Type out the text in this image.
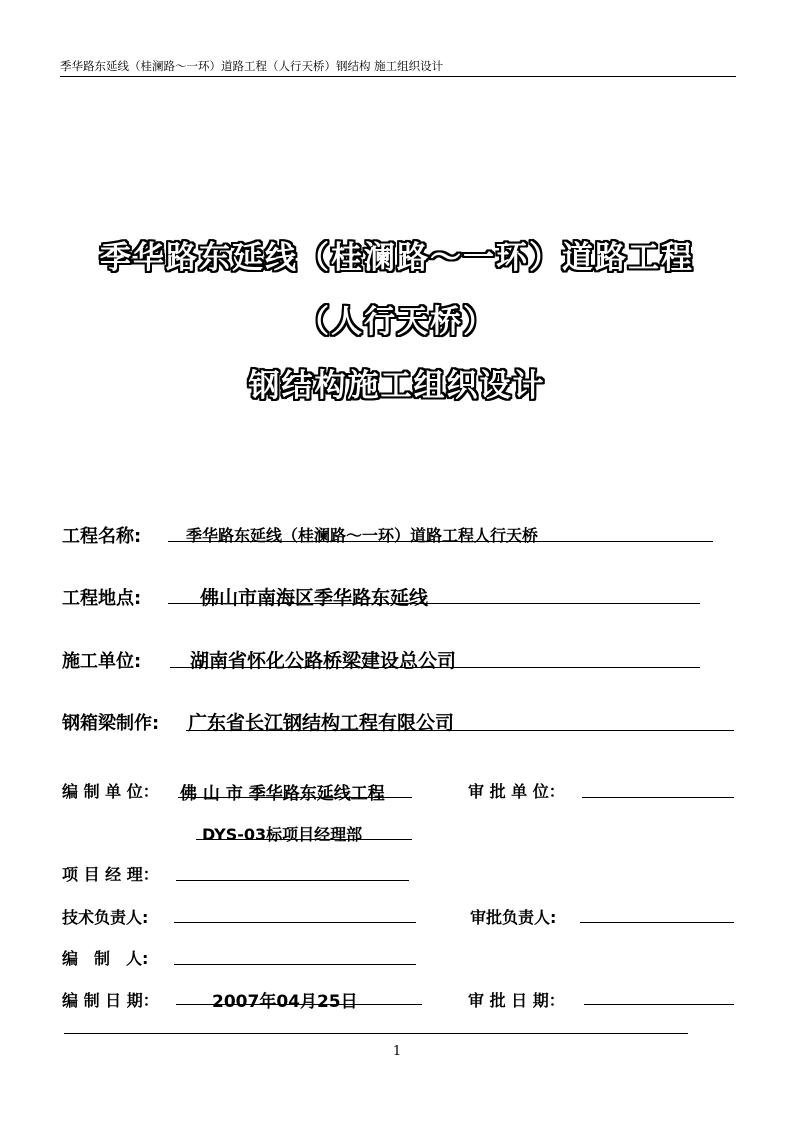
季华路东延线（桂澜路～一环）道路工程（人行天桥）钢结构 施工组织设计
季华路东延线（桂澜路～一环）道路工程
（人行天桥）
钢结构施工组织设计
工程名称:	季华路东延线（桂澜路～一环）道路工程人行天桥
工程地点:	佛山市南海区季华路东延线
施工单位:	湖南省怀化公路桥梁建设总公司
钢箱梁制作: 广东省长江钢结构工程有限公司
编 制 单 位： 佛 山 市 季华路东延线工程	审 批 单 位：
DYS-03标项目经理部
项 目 经 理：
技术负责人:	审批负责人:
编　制　人:
编 制 日 期：	2007年04月25日	审 批 日 期：
1
